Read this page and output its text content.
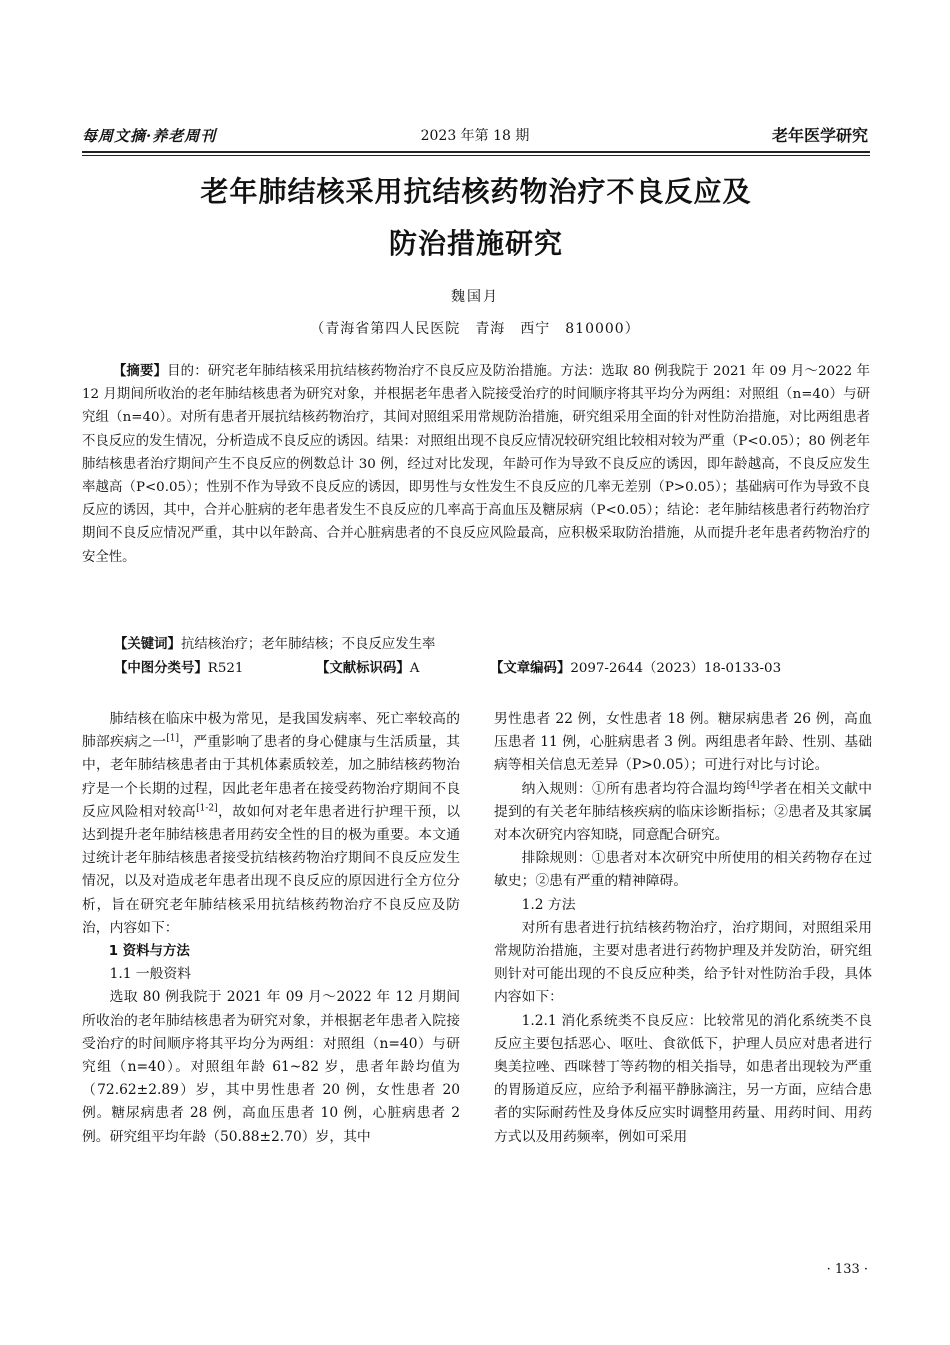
每周文摘·养老周刊	2023 年第 18 期	老年医学研究
老年肺结核采用抗结核药物治疗不良反应及
防治措施研究
魏国月
（青海省第四人民医院　青海　西宁　810000）

【摘要】目的：研究老年肺结核采用抗结核药物治疗不良反应及防治措施。方法：选取 80 例我院于 2021 年 09 月～2022 年 12 月期间所收治的老年肺结核患者为研究对象，并根据老年患者入院接受治疗的时间顺序将其平均分为两组：对照组（n=40）与研究组（n=40）。对所有患者开展抗结核药物治疗，其间对照组采用常规防治措施，研究组采用全面的针对性防治措施，对比两组患者不良反应的发生情况，分析造成不良反应的诱因。结果：对照组出现不良反应情况较研究组比较相对较为严重（P<0.05）；80 例老年肺结核患者治疗期间产生不良反应的例数总计 30 例，经过对比发现，年龄可作为导致不良反应的诱因，即年龄越高，不良反应发生率越高（P<0.05）；性别不作为导致不良反应的诱因，即男性与女性发生不良反应的几率无差别（P>0.05）；基础病可作为导致不良反应的诱因，其中，合并心脏病的老年患者发生不良反应的几率高于高血压及糖尿病（P<0.05）；结论：老年肺结核患者行药物治疗期间不良反应情况严重，其中以年龄高、合并心脏病患者的不良反应风险最高，应积极采取防治措施，从而提升老年患者药物治疗的安全性。

【关键词】抗结核治疗；老年肺结核；不良反应发生率
【中图分类号】R521	【文献标识码】A	【文章编码】2097-2644（2023）18-0133-03

肺结核在临床中极为常见，是我国发病率、死亡率较高的肺部疾病之一[1]，严重影响了患者的身心健康与生活质量，其中，老年肺结核患者由于其机体素质较差，加之肺结核药物治疗是一个长期的过程，因此老年患者在接受药物治疗期间不良反应风险相对较高[1-2]，故如何对老年患者进行护理干预，以达到提升老年肺结核患者用药安全性的目的极为重要。本文通过统计老年肺结核患者接受抗结核药物治疗期间不良反应发生情况，以及对造成老年患者出现不良反应的原因进行全方位分析，旨在研究老年肺结核采用抗结核药物治疗不良反应及防治，内容如下：

1 资料与方法
1.1 一般资料

选取 80 例我院于 2021 年 09 月～2022 年 12 月期间所收治的老年肺结核患者为研究对象，并根据老年患者入院接受治疗的时间顺序将其平均分为两组：对照组（n=40）与研究组（n=40）。对照组年龄 61~82 岁，患者年龄均值为（72.62±2.89）岁，其中男性患者 20 例，女性患者 20 例。糖尿病患者 28 例，高血压患者 10 例，心脏病患者 2 例。研究组平均年龄（50.88±2.70）岁，其中

男性患者 22 例，女性患者 18 例。糖尿病患者 26 例，高血压患者 11 例，心脏病患者 3 例。两组患者年龄、性别、基础病等相关信息无差异（P>0.05）；可进行对比与讨论。

纳入规则：①所有患者均符合温均筠[4]学者在相关文献中提到的有关老年肺结核疾病的临床诊断指标；②患者及其家属对本次研究内容知晓，同意配合研究。

排除规则：①患者对本次研究中所使用的相关药物存在过敏史；②患有严重的精神障碍。

1.2 方法

对所有患者进行抗结核药物治疗，治疗期间，对照组采用常规防治措施，主要对患者进行药物护理及并发防治，研究组则针对可能出现的不良反应种类，给予针对性防治手段，具体内容如下：

1.2.1 消化系统类不良反应：比较常见的消化系统类不良反应主要包括恶心、呕吐、食欲低下，护理人员应对患者进行奥美拉唑、西咪替丁等药物的相关指导，如患者出现较为严重的胃肠道反应，应给予利福平静脉滴注，另一方面，应结合患者的实际耐药性及身体反应实时调整用药量、用药时间、用药方式以及用药频率，例如可采用

· 133 ·
